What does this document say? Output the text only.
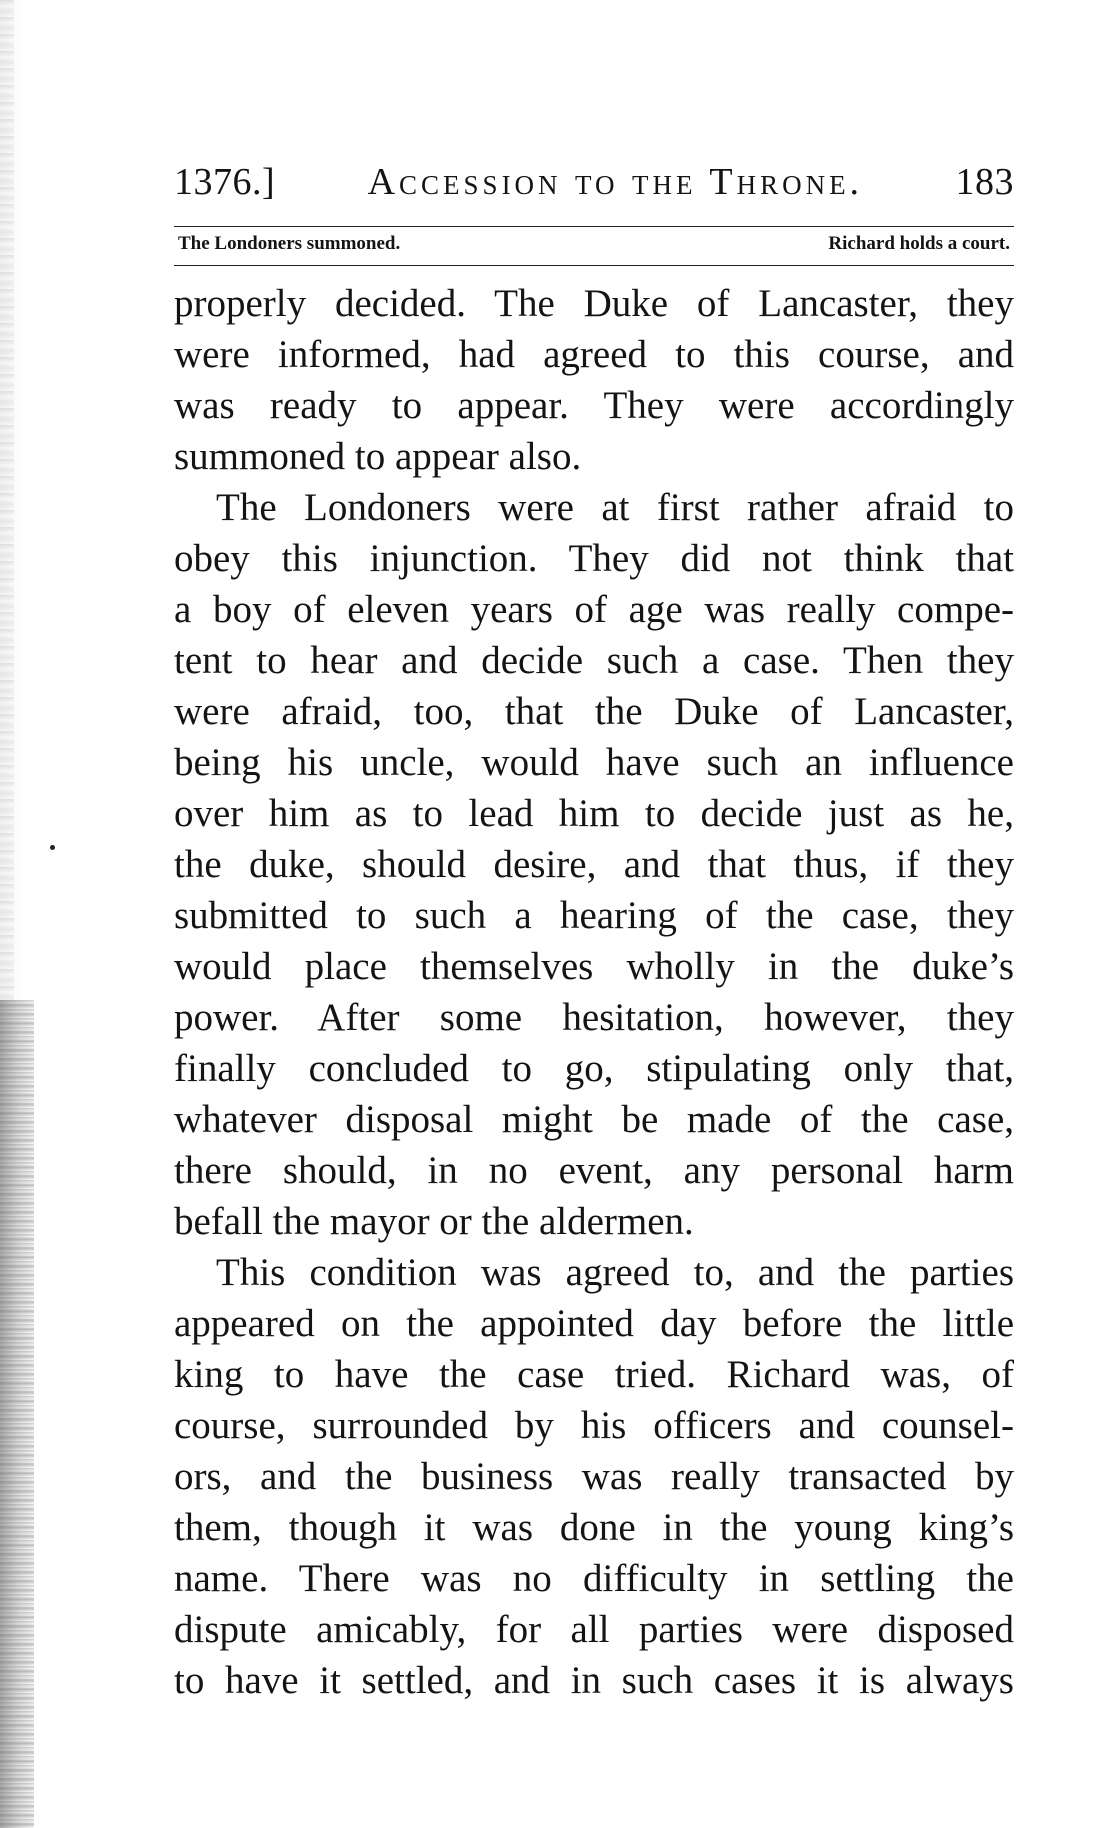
1376.]	Accession to the Throne.	183
The Londoners summoned.	Richard holds a court.

properly decided. The Duke of Lancaster, they
were informed, had agreed to this course, and
was ready to appear. They were accordingly
summoned to appear also.

The Londoners were at first rather afraid to
obey this injunction. They did not think that
a boy of eleven years of age was really compe-
tent to hear and decide such a case. Then they
were afraid, too, that the Duke of Lancaster,
being his uncle, would have such an influence
over him as to lead him to decide just as he,
the duke, should desire, and that thus, if they
submitted to such a hearing of the case, they
would place themselves wholly in the duke’s
power. After some hesitation, however, they
finally concluded to go, stipulating only that,
whatever disposal might be made of the case,
there should, in no event, any personal harm
befall the mayor or the aldermen.

This condition was agreed to, and the parties
appeared on the appointed day before the little
king to have the case tried. Richard was, of
course, surrounded by his officers and counsel-
ors, and the business was really transacted by
them, though it was done in the young king’s
name. There was no difficulty in settling the
dispute amicably, for all parties were disposed
to have it settled, and in such cases it is always
